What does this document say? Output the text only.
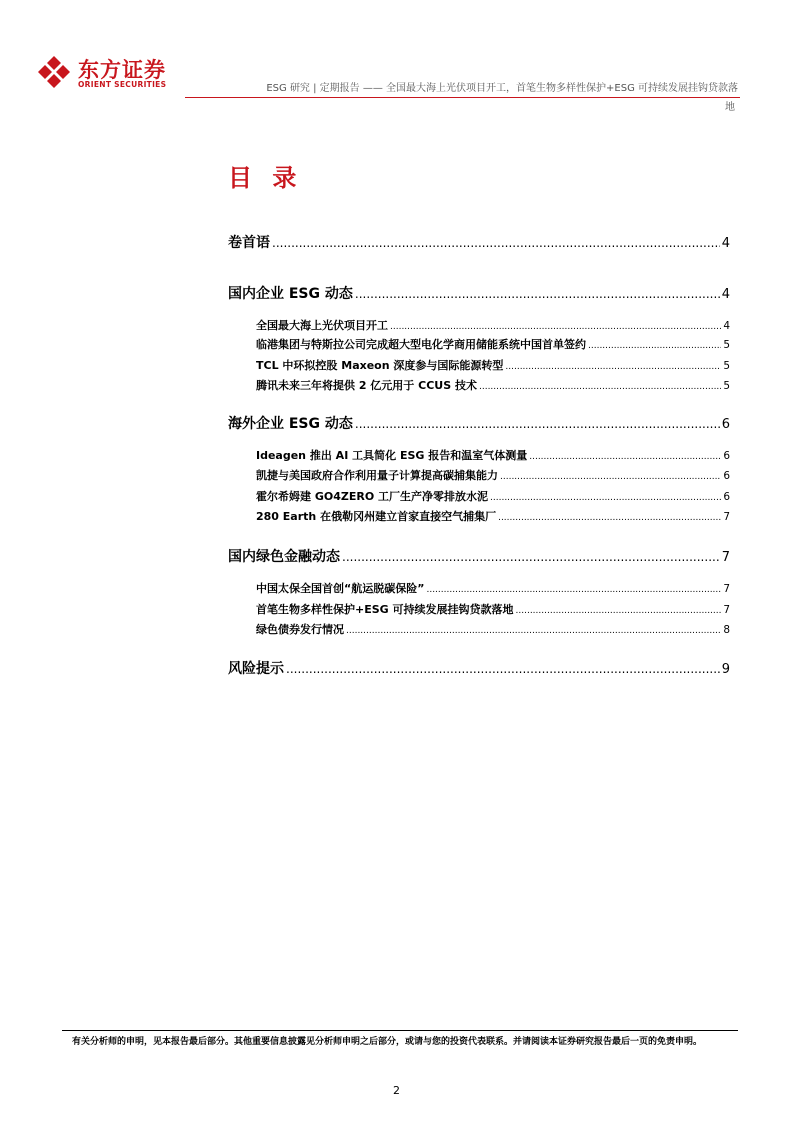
东方证券
ORIENT SECURITIES	ESG 研究 | 定期报告 —— 全国最大海上光伏项目开工，首笔生物多样性保护+ESG 可持续发展挂钩贷款落
地
目 录
卷首语 .....	4
国内企业 ESG 动态 .....	4
全国最大海上光伏项目开工 .....	4
临港集团与特斯拉公司完成超大型电化学商用储能系统中国首单签约 .....	5
TCL 中环拟控股 Maxeon 深度参与国际能源转型 .....	5
腾讯未来三年将提供 2 亿元用于 CCUS 技术 .....	5
海外企业 ESG 动态 .....	6
Ideagen 推出 AI 工具简化 ESG 报告和温室气体测量 .....	6
凯捷与美国政府合作利用量子计算提高碳捕集能力 .....	6
霍尔希姆建 GO4ZERO 工厂生产净零排放水泥 .....	6
280 Earth 在俄勒冈州建立首家直接空气捕集厂 .....	7
国内绿色金融动态 .....	7
中国太保全国首创“航运脱碳保险” .....	7
首笔生物多样性保护+ESG 可持续发展挂钩贷款落地 .....	7
绿色债券发行情况 .....	8
风险提示 .....	9
有关分析师的申明，见本报告最后部分。其他重要信息披露见分析师申明之后部分，或请与您的投资代表联系。并请阅读本证券研究报告最后一页的免责申明。
2
